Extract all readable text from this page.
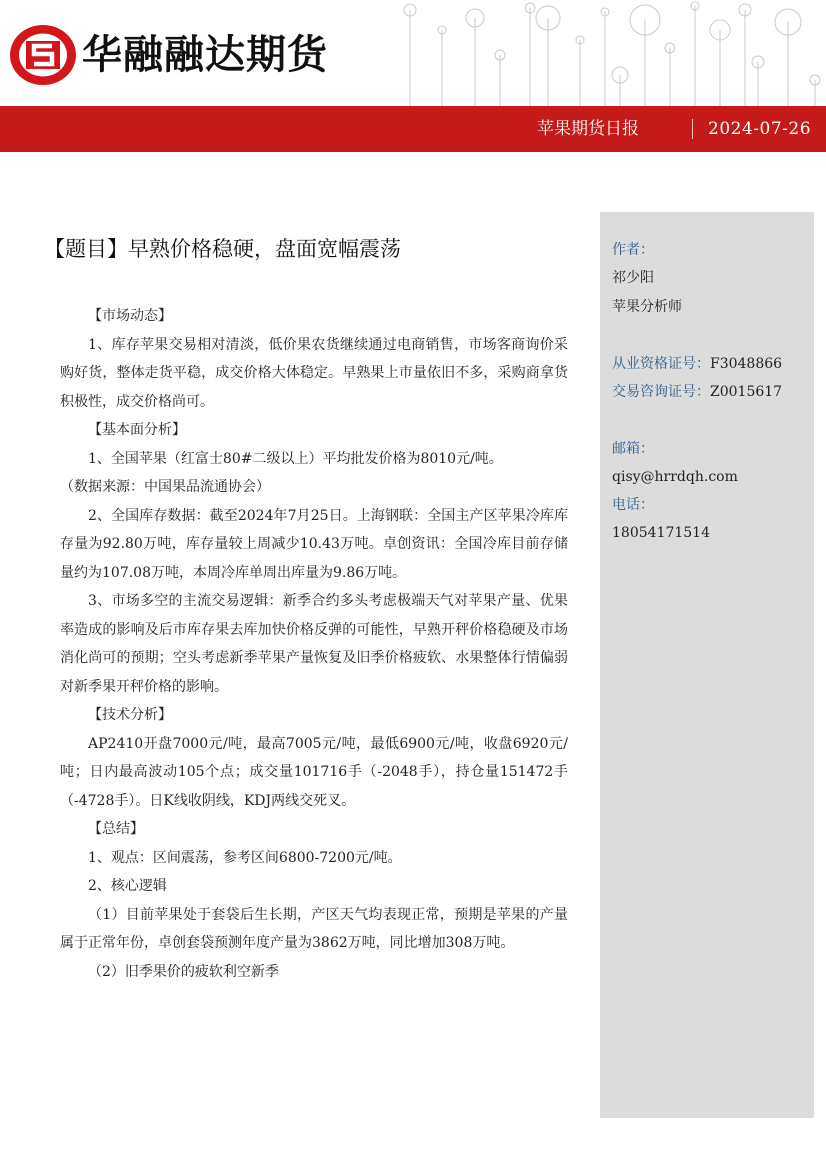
华融融达期货
苹果期货日报	2024-07-26
【题目】早熟价格稳硬，盘面宽幅震荡

【市场动态】

1、库存苹果交易相对清淡，低价果农货继续通过电商销售，市场客商询价采购好货，整体走货平稳，成交价格大体稳定。早熟果上市量依旧不多，采购商拿货积极性，成交价格尚可。

【基本面分析】

1、全国苹果（红富士80#二级以上）平均批发价格为8010元/吨。

（数据来源：中国果品流通协会）

2、全国库存数据：截至2024年7月25日。上海钢联：全国主产区苹果冷库库存量为92.80万吨，库存量较上周减少10.43万吨。卓创资讯：全国冷库目前存储量约为107.08万吨，本周冷库单周出库量为9.86万吨。

3、市场多空的主流交易逻辑：新季合约多头考虑极端天气对苹果产量、优果率造成的影响及后市库存果去库加快价格反弹的可能性，早熟开秤价格稳硬及市场消化尚可的预期；空头考虑新季苹果产量恢复及旧季价格疲软、水果整体行情偏弱对新季果开秤价格的影响。

【技术分析】

AP2410开盘7000元/吨，最高7005元/吨，最低6900元/吨，收盘6920元/吨；日内最高波动105个点；成交量101716手（-2048手），持仓量151472手（-4728手）。日K线收阴线，KDJ两线交死叉。

【总结】

1、观点：区间震荡，参考区间6800-7200元/吨。

2、核心逻辑

（1）目前苹果处于套袋后生长期，产区天气均表现正常，预期是苹果的产量属于正常年份，卓创套袋预测年度产量为3862万吨，同比增加308万吨。

（2）旧季果价的疲软利空新季

作者：
祁少阳
苹果分析师
从业资格证号：F3048866
交易咨询证号：Z0015617
邮箱：
qisy@hrrdqh.com
电话：
18054171514
